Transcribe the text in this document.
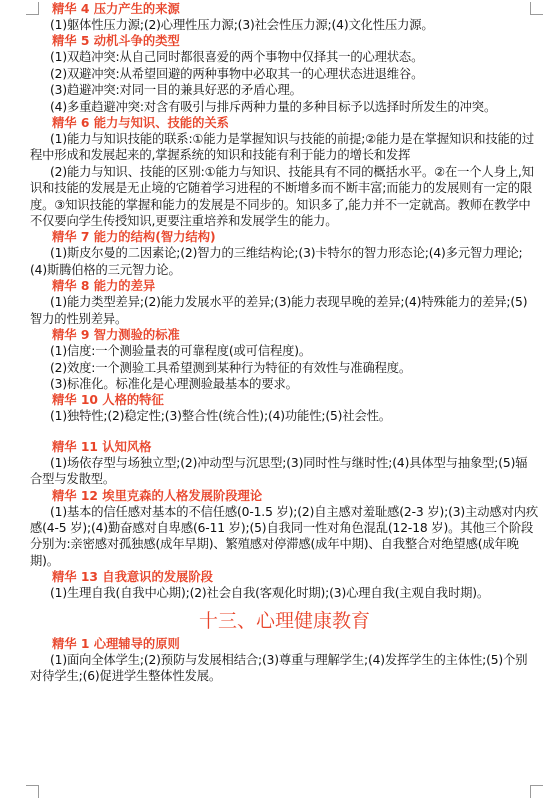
精华 4 压力产生的来源
(1)躯体性压力源;(2)心理性压力源;(3)社会性压力源;(4)文化性压力源。
精华 5 动机斗争的类型
(1)双趋冲突:从自己同时都很喜爱的两个事物中仅择其一的心理状态。
(2)双避冲突:从希望回避的两种事物中必取其一的心理状态进退维谷。
(3)趋避冲突:对同一目的兼具好恶的矛盾心理。
(4)多重趋避冲突:对含有吸引与排斥两种力量的多种目标予以选择时所发生的冲突。
精华 6 能力与知识、技能的关系
(1)能力与知识技能的联系:①能力是掌握知识与技能的前提;②能力是在掌握知识和技能的过程中形成和发展起来的,掌握系统的知识和技能有利于能力的增长和发挥
(2)能力与知识、技能的区别:①能力与知识、技能具有不同的概括水平。②在一个人身上,知识和技能的发展是无止境的它随着学习进程的不断增多而不断丰富;而能力的发展则有一定的限度。③知识技能的掌握和能力的发展是不同步的。知识多了,能力并不一定就高。教师在教学中不仅要向学生传授知识,更要注重培养和发展学生的能力。
精华 7 能力的结构(智力结构)
(1)斯皮尔曼的二因素论;(2)智力的三维结构论;(3)卡特尔的智力形态论;(4)多元智力理论;(4)斯腾伯格的三元智力论。
精华 8 能力的差异
(1)能力类型差异;(2)能力发展水平的差异;(3)能力表现早晚的差异;(4)特殊能力的差异;(5)智力的性别差异。
精华 9 智力测验的标准
(1)信度:一个测验量表的可靠程度(或可信程度)。
(2)效度:一个测验工具希望测到某种行为特征的有效性与准确程度。
(3)标准化。标准化是心理测验最基本的要求。
精华 10 人格的特征
(1)独特性;(2)稳定性;(3)整合性(统合性);(4)功能性;(5)社会性。
精华 11 认知风格
(1)场依存型与场独立型;(2)冲动型与沉思型;(3)同时性与继时性;(4)具体型与抽象型;(5)辐合型与发散型。
精华 12 埃里克森的人格发展阶段理论
(1)基本的信任感对基本的不信任感(0-1.5 岁);(2)自主感对羞耻感(2-3 岁);(3)主动感对内疚感(4-5 岁);(4)勤奋感对自卑感(6-11 岁);(5)自我同一性对角色混乱(12-18 岁)。其他三个阶段分别为:亲密感对孤独感(成年早期)、繁殖感对停滞感(成年中期)、自我整合对绝望感(成年晚期)。
精华 13 自我意识的发展阶段
(1)生理自我(自我中心期);(2)社会自我(客观化时期);(3)心理自我(主观自我时期)。
十三、心理健康教育
精华 1 心理辅导的原则
(1)面向全体学生;(2)预防与发展相结合;(3)尊重与理解学生;(4)发挥学生的主体性;(5)个别对待学生;(6)促进学生整体性发展。
